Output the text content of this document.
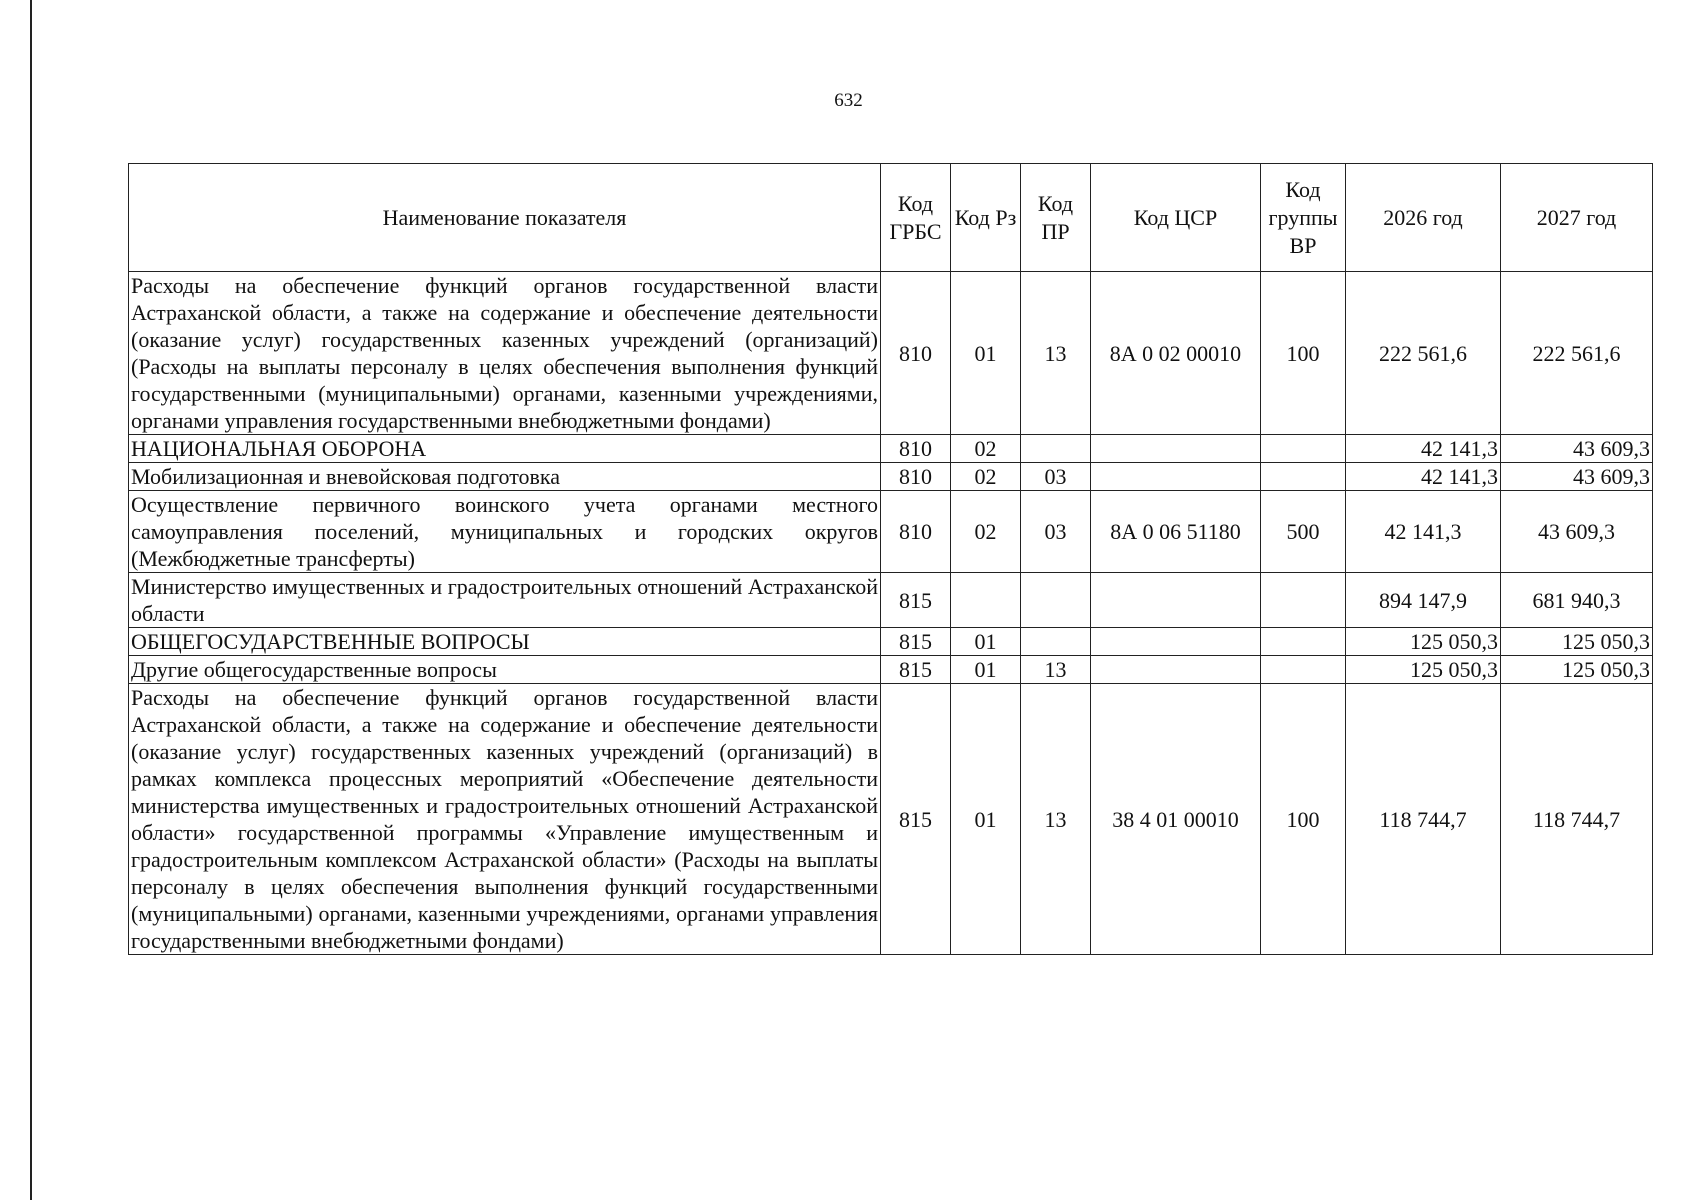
632
Наименование показателя	Код ГРБС	Код Рз	Код ПР	Код ЦСР	Код группы ВР	2026 год	2027 год
Расходы на обеспечение функций органов государственной власти Астраханской области, а также на содержание и обеспечение деятельности (оказание услуг) государственных казенных учреждений (организаций) (Расходы на выплаты персоналу в целях обеспечения выполнения функций государственными (муниципальными) органами, казенными учреждениями, органами управления государственными внебюджетными фондами)	810	01	13	8А 0 02 00010	100	222 561,6	222 561,6
НАЦИОНАЛЬНАЯ ОБОРОНА	810	02				42 141,3	43 609,3
Мобилизационная и вневойсковая подготовка	810	02	03			42 141,3	43 609,3
Осуществление первичного воинского учета органами местного самоуправления поселений, муниципальных и городских округов (Межбюджетные трансферты)	810	02	03	8А 0 06 51180	500	42 141,3	43 609,3
Министерство имущественных и градостроительных отношений Астраханской области	815					894 147,9	681 940,3
ОБЩЕГОСУДАРСТВЕННЫЕ ВОПРОСЫ	815	01				125 050,3	125 050,3
Другие общегосударственные вопросы	815	01	13			125 050,3	125 050,3
Расходы на обеспечение функций органов государственной власти Астраханской области, а также на содержание и обеспечение деятельности (оказание услуг) государственных казенных учреждений (организаций) в рамках комплекса процессных мероприятий «Обеспечение деятельности министерства имущественных и градостроительных отношений Астраханской области» государственной программы «Управление имущественным и градостроительным комплексом Астраханской области» (Расходы на выплаты персоналу в целях обеспечения выполнения функций государственными (муниципальными) органами, казенными учреждениями, органами управления государственными внебюджетными фондами)	815	01	13	38 4 01 00010	100	118 744,7	118 744,7
